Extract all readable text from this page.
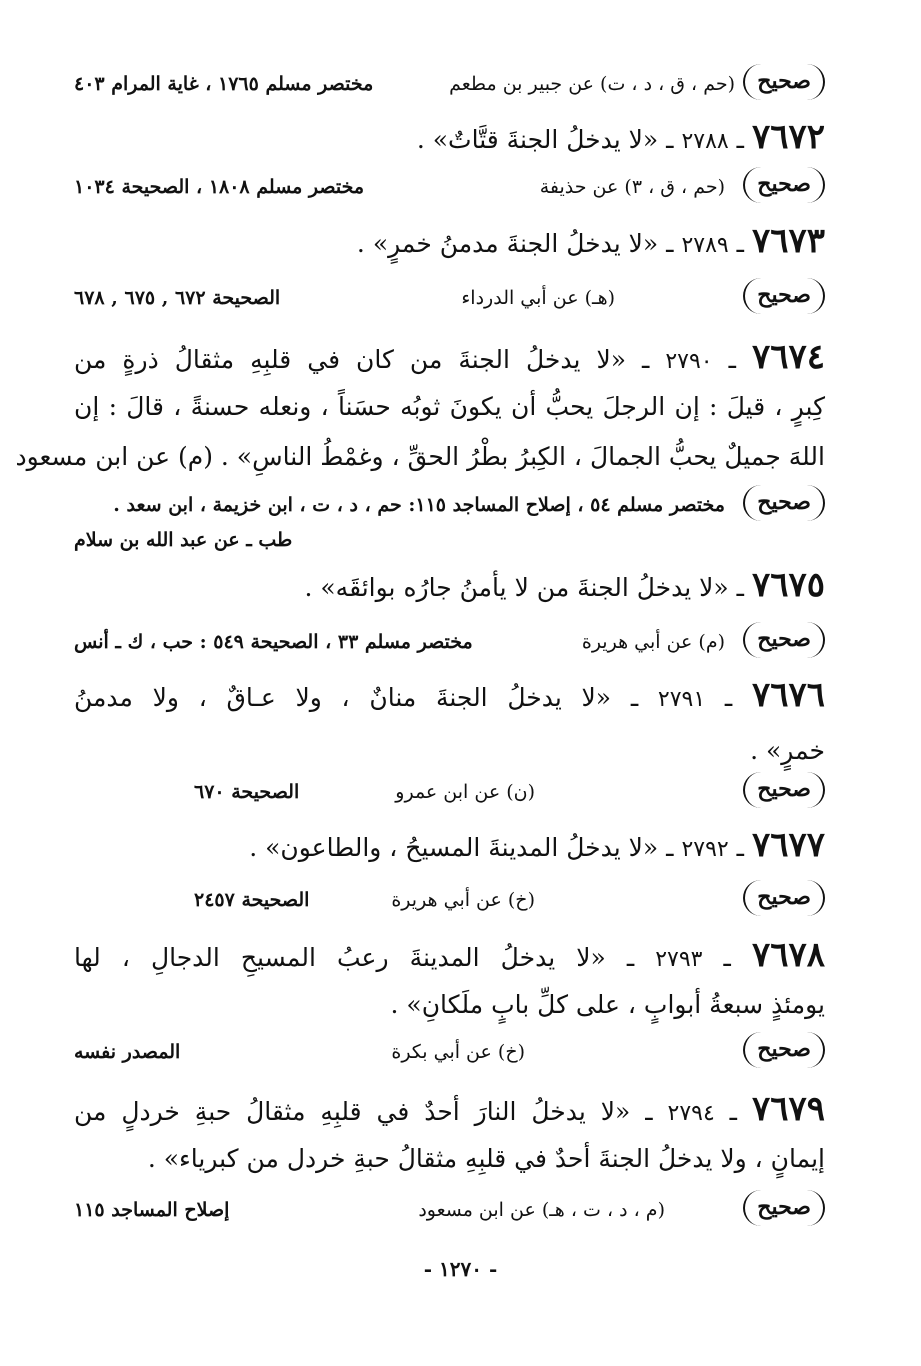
صحيح
(حم ، ق ، د ، ت) عن جبير بن مطعم
مختصر مسلم ١٧٦٥ ، غاية المرام ٤٠٣
٧٦٧٢ ـ ٢٧٨٨ ـ «لا يدخلُ الجنةَ قتَّاتٌ» .
صحيح
(حم ، ق ، ٣) عن حذيفة
مختصر مسلم ١٨٠٨ ، الصحيحة ١٠٣٤
٧٦٧٣ ـ ٢٧٨٩ ـ «لا يدخلُ الجنةَ مدمنُ خمرٍ» .
صحيح
(هـ) عن أبي الدرداء
الصحيحة ٦٧٢ , ٦٧٥ , ٦٧٨
٧٦٧٤ ـ ٢٧٩٠ ـ «لا يدخلُ الجنةَ من كان في قلبِهِ مثقالُ ذرةٍ من
كِبرٍ ، قيلَ : إن الرجلَ يحبُّ أن يكونَ ثوبُه حسَناً ، ونعله حسنةً ، قالَ : إن
اللهَ جميلٌ يحبُّ الجمالَ ، الكِبرُ بطْرُ الحقِّ ، وغمْطُ الناسِ» . (م) عن ابن مسعود
صحيح
مختصر مسلم ٥٤ ، إصلاح المساجد ١١٥: حم ، د ، ت ، ابن خزيمة ، ابن سعد .
طب ـ عن عبد الله بن سلام
٧٦٧٥ ـ «لا يدخلُ الجنةَ من لا يأمنُ جارُه بوائقَه» .
صحيح
(م) عن أبي هريرة
مختصر مسلم ٣٣ ، الصحيحة ٥٤٩ : حب ، ك ـ أنس
٧٦٧٦ ـ ٢٧٩١ ـ «لا يدخلُ الجنةَ منانٌ ، ولا عـاقٌ ، ولا مدمنُ
خمرٍ» .
صحيح
(ن) عن ابن عمرو
الصحيحة ٦٧٠
٧٦٧٧ ـ ٢٧٩٢ ـ «لا يدخلُ المدينةَ المسيحُ ، والطاعون» .
صحيح
(خ) عن أبي هريرة
الصحيحة ٢٤٥٧
٧٦٧٨ ـ ٢٧٩٣ ـ «لا يدخلُ المدينةَ رعبُ المسيحِ الدجالِ ، لها
يومئذٍ سبعةُ أبوابٍ ، على كلِّ بابٍ ملَكانِ» .
صحيح
(خ) عن أبي بكرة
المصدر نفسه
٧٦٧٩ ـ ٢٧٩٤ ـ «لا يدخلُ النارَ أحدٌ في قلبِهِ مثقالُ حبةِ خردلٍ من
إيمانٍ ، ولا يدخلُ الجنةَ أحدٌ في قلبِهِ مثقالُ حبةِ خردل من كبرياء» .
صحيح
(م ، د ، ت ، هـ) عن ابن مسعود
إصلاح المساجد ١١٥
- ١٢٧٠ -
